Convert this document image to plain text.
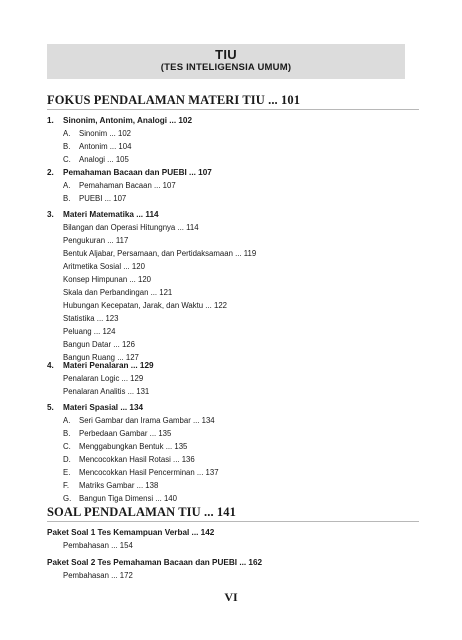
TIU
(TES INTELIGENSIA UMUM)
FOKUS PENDALAMAN MATERI TIU ... 101
1. Sinonim, Antonim, Analogi ... 102
A. Sinonim ... 102
B. Antonim ... 104
C. Analogi ... 105
2. Pemahaman Bacaan dan PUEBI ... 107
A. Pemahaman Bacaan ... 107
B. PUEBI ... 107
3. Materi Matematika ... 114
Bilangan dan Operasi Hitungnya ... 114
Pengukuran ... 117
Bentuk Aljabar, Persamaan, dan Pertidaksamaan ... 119
Aritmetika Sosial ... 120
Konsep Himpunan ... 120
Skala dan Perbandingan ... 121
Hubungan Kecepatan, Jarak, dan Waktu ... 122
Statistika ... 123
Peluang ... 124
Bangun Datar ... 126
Bangun Ruang ... 127
4. Materi Penalaran ... 129
Penalaran Logic ... 129
Penalaran Analitis ... 131
5. Materi Spasial ... 134
A. Seri Gambar dan Irama Gambar ... 134
B. Perbedaan Gambar ... 135
C. Menggabungkan Bentuk ... 135
D. Mencocokkan Hasil Rotasi ... 136
E. Mencocokkan Hasil Pencerminan ... 137
F. Matriks Gambar ... 138
G. Bangun Tiga Dimensi ... 140
SOAL PENDALAMAN TIU ... 141
Paket Soal 1 Tes Kemampuan Verbal ... 142
Pembahasan ... 154
Paket Soal 2 Tes Pemahaman Bacaan dan PUEBI ... 162
Pembahasan ... 172
VI
